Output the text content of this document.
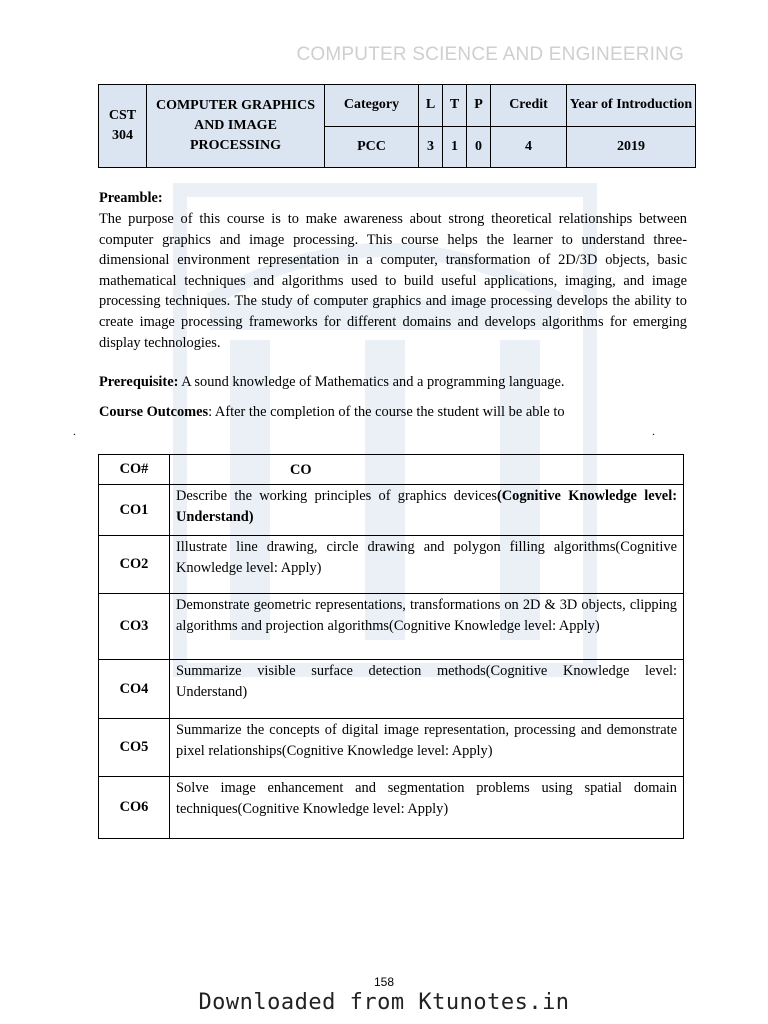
COMPUTER SCIENCE AND ENGINEERING
CST
304	COMPUTER GRAPHICS AND IMAGE PROCESSING	Category	L	T	P	Credit	Year of Introduction
		PCC	3	1	0	4	2019
Preamble:
The purpose of this course is to make awareness about strong theoretical relationships between computer graphics and image processing. This course helps the learner to understand three-dimensional environment representation in a computer, transformation of 2D/3D objects, basic mathematical techniques and algorithms used to build useful applications, imaging, and image processing techniques. The study of computer graphics and image processing develops the ability to create image processing frameworks for different domains and develops algorithms for emerging display technologies.
Prerequisite: A sound knowledge of Mathematics and a programming language.
Course Outcomes: After the completion of the course the student will be able to
.	.
CO#	CO
CO1	Describe the working principles of graphics devices(Cognitive Knowledge level: Understand)
CO2	Illustrate line drawing, circle drawing and polygon filling algorithms(Cognitive Knowledge level: Apply)
CO3	Demonstrate geometric representations, transformations on 2D & 3D objects, clipping algorithms and projection algorithms(Cognitive Knowledge level: Apply)
CO4	Summarize visible surface detection methods(Cognitive Knowledge level: Understand)
CO5	Summarize the concepts of digital image representation, processing and demonstrate pixel relationships(Cognitive Knowledge level: Apply)
CO6	Solve image enhancement and segmentation problems using spatial domain techniques(Cognitive Knowledge level: Apply)
158
Downloaded from Ktunotes.in
